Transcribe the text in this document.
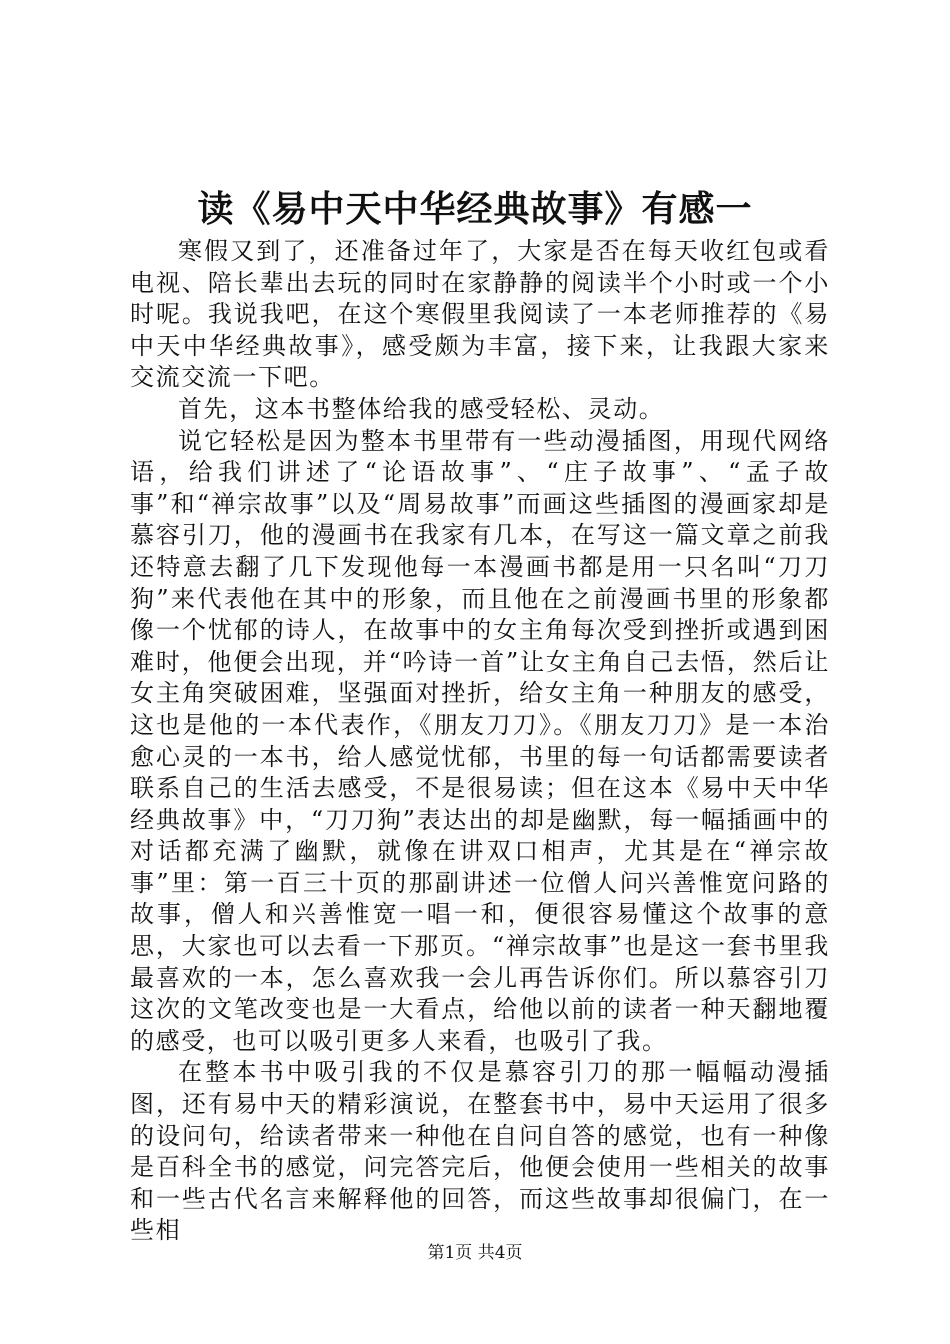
读《易中天中华经典故事》有感一

寒假又到了，还准备过年了，大家是否在每天收红包或看电视、陪长辈出去玩的同时在家静静的阅读半个小时或一个小时呢。我说我吧，在这个寒假里我阅读了一本老师推荐的《易中天中华经典故事》，感受颇为丰富，接下来，让我跟大家来交流交流一下吧。

首先，这本书整体给我的感受轻松、灵动。

说它轻松是因为整本书里带有一些动漫插图，用现代网络语，给我们讲述了“论语故事”、“庄子故事”、“孟子故事”和“禅宗故事”以及“周易故事”而画这些插图的漫画家却是慕容引刀，他的漫画书在我家有几本，在写这一篇文章之前我还特意去翻了几下发现他每一本漫画书都是用一只名叫“刀刀狗”来代表他在其中的形象，而且他在之前漫画书里的形象都像一个忧郁的诗人，在故事中的女主角每次受到挫折或遇到困难时，他便会出现，并“吟诗一首”让女主角自己去悟，然后让女主角突破困难，坚强面对挫折，给女主角一种朋友的感受，这也是他的一本代表作，《朋友刀刀》。《朋友刀刀》是一本治愈心灵的一本书，给人感觉忧郁，书里的每一句话都需要读者联系自己的生活去感受，不是很易读；但在这本《易中天中华经典故事》中，“刀刀狗”表达出的却是幽默，每一幅插画中的对话都充满了幽默，就像在讲双口相声，尤其是在“禅宗故事”里：第一百三十页的那副讲述一位僧人问兴善惟宽问路的故事，僧人和兴善惟宽一唱一和，便很容易懂这个故事的意思，大家也可以去看一下那页。“禅宗故事”也是这一套书里我最喜欢的一本，怎么喜欢我一会儿再告诉你们。所以慕容引刀这次的文笔改变也是一大看点，给他以前的读者一种天翻地覆的感受，也可以吸引更多人来看，也吸引了我。

在整本书中吸引我的不仅是慕容引刀的那一幅幅动漫插图，还有易中天的精彩演说，在整套书中，易中天运用了很多的设问句，给读者带来一种他在自问自答的感觉，也有一种像是百科全书的感觉，问完答完后，他便会使用一些相关的故事和一些古代名言来解释他的回答，而这些故事却很偏门，在一些相

第1页 共4页
